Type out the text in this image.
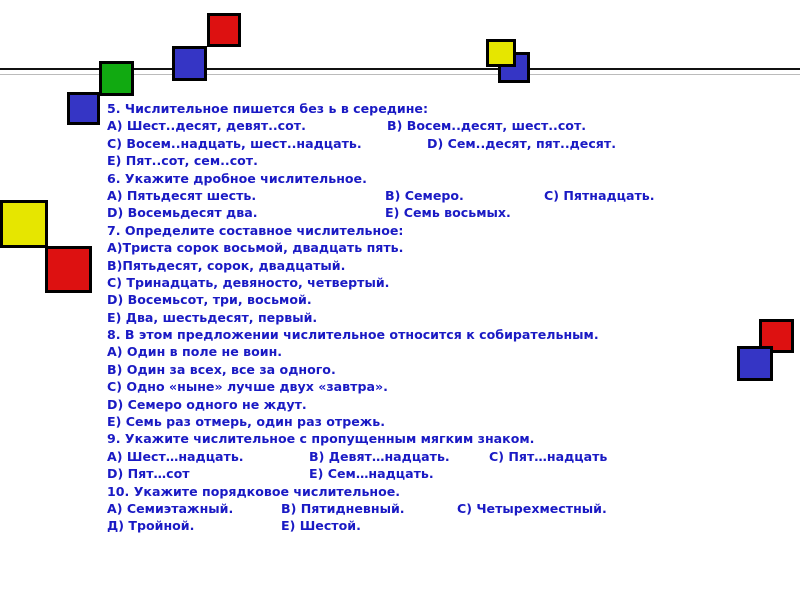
5. Числительное пишется без ь в середине:
А) Шест..десят, девят..сот.	В) Восем..десят, шест..сот.
С) Восем..надцать, шест..надцать.	D) Сем..десят, пят..десят.
Е) Пят..сот, сем..сот.
6. Укажите дробное числительное.
А) Пятьдесят шесть.	В) Семеро.	С) Пятнадцать.
D) Восемьдесят два.	Е) Семь восьмых.
7. Определите составное числительное:
А)Триста сорок восьмой, двадцать пять.
В)Пятьдесят, сорок, двадцатый.
С) Тринадцать, девяносто, четвертый.
D) Восемьсот, три, восьмой.
Е) Два, шестьдесят, первый.
8. В этом предложении числительное относится к собирательным.
А) Один в поле не воин.
В) Один за всех, все за одного.
С) Одно «ныне» лучше двух «завтра».
D) Семеро одного не ждут.
Е) Семь раз отмерь, один раз отрежь.
9. Укажите числительное с пропущенным мягким знаком.
А) Шест…надцать.	В) Девят…надцать.	С) Пят…надцать
D) Пят…сот	Е) Сем…надцать.
10. Укажите порядковое числительное.
А) Семиэтажный.	В) Пятидневный.	С) Четырехместный.
Д) Тройной.	Е) Шестой.
